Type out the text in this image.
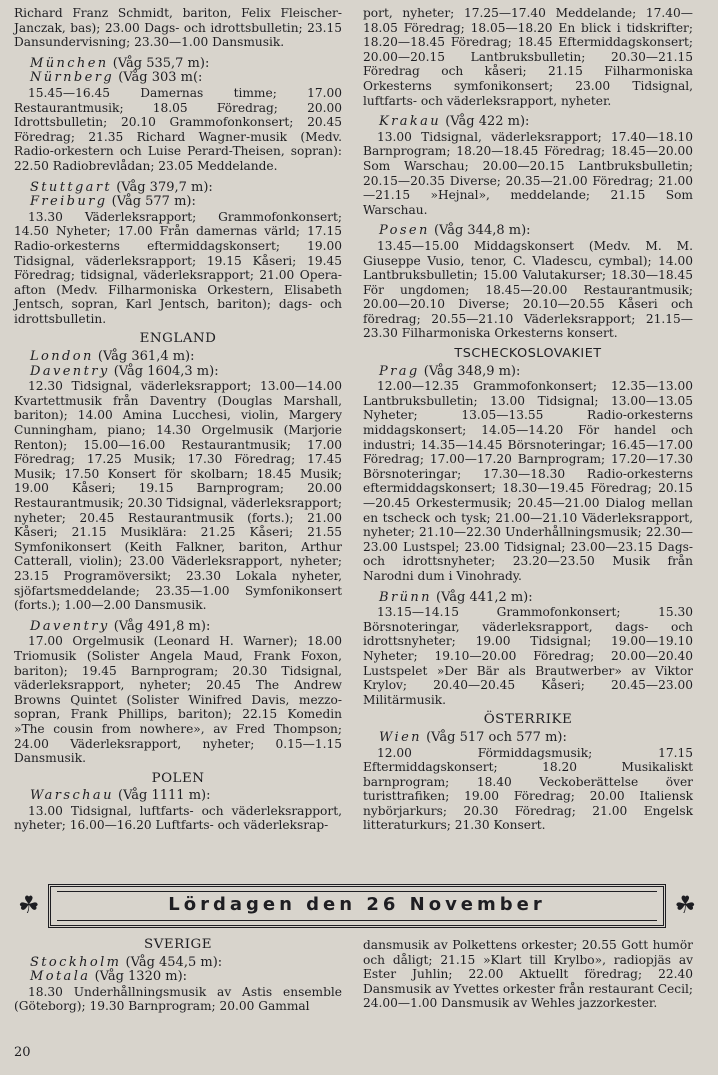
Richard Franz Schmidt, bariton, Felix Fleischer-Janczak, bas); 23.00 Dags- och idrottsbulletin; 23.15 Dansundervisning; 23.30—1.00 Dansmusik.

München (Våg 535,7 m):
Nürnberg (Våg 303 m(:

15.45—16.45 Damernas timme; 17.00 Restaurantmusik; 18.05 Föredrag; 20.00 Idrottsbulletin; 20.10 Grammofonkonsert; 20.45 Föredrag; 21.35 Richard Wagner-musik (Medv. Radio-orkestern och Luise Perard-Theisen, sopran): 22.50 Radiobrevlådan; 23.05 Meddelande.

Stuttgart (Våg 379,7 m):
Freiburg (Våg 577 m):

13.30 Väderleksrapport; Grammofonkonsert; 14.50 Nyheter; 17.00 Från damernas värld; 17.15 Radio-orkesterns eftermiddagskonsert; 19.00 Tidsignal, väderleksrapport; 19.15 Kåseri; 19.45 Föredrag; tidsignal, väderleksrapport; 21.00 Opera-afton (Medv. Filharmoniska Orkestern, Elisabeth Jentsch, sopran, Karl Jentsch, bariton); dags- och idrottsbulletin.

ENGLAND
London (Våg 361,4 m):
Daventry (Våg 1604,3 m):

12.30 Tidsignal, väderleksrapport; 13.00—14.00 Kvartettmusik från Daventry (Douglas Marshall, bariton); 14.00 Amina Lucchesi, violin, Margery Cunningham, piano; 14.30 Orgelmusik (Marjorie Renton); 15.00—16.00 Restaurantmusik; 17.00 Föredrag; 17.25 Musik; 17.30 Föredrag; 17.45 Musik; 17.50 Konsert för skolbarn; 18.45 Musik; 19.00 Kåseri; 19.15 Barnprogram; 20.00 Restaurantmusik; 20.30 Tidsignal, väderleksrapport; nyheter; 20.45 Restaurantmusik (forts.); 21.00 Kåseri; 21.15 Musiklära: 21.25 Kåseri; 21.55 Symfonikonsert (Keith Falkner, bariton, Arthur Catterall, violin); 23.00 Väderleksrapport, nyheter; 23.15 Programöversikt; 23.30 Lokala nyheter, sjöfartsmeddelande; 23.35—1.00 Symfonikonsert (forts.); 1.00—2.00 Dansmusik.

Daventry (Våg 491,8 m):

17.00 Orgelmusik (Leonard H. Warner); 18.00 Triomusik (Solister Angela Maud, Frank Foxon, bariton); 19.45 Barnprogram; 20.30 Tidsignal, väderleksrapport, nyheter; 20.45 The Andrew Browns Quintet (Solister Winifred Davis, mezzo-sopran, Frank Phillips, bariton); 22.15 Komedin »The cousin from nowhere», av Fred Thompson; 24.00 Väderleksrapport, nyheter; 0.15—1.15 Dansmusik.

POLEN
Warschau (Våg 1111 m):

13.00 Tidsignal, luftfarts- och väderleksrapport, nyheter; 16.00—16.20 Luftfarts- och väderleksrap-

port, nyheter; 17.25—17.40 Meddelande; 17.40—18.05 Föredrag; 18.05—18.20 En blick i tidskrifter; 18.20—18.45 Föredrag; 18.45 Eftermiddagskonsert; 20.00—20.15 Lantbruksbulletin; 20.30—21.15 Föredrag och kåseri; 21.15 Filharmoniska Orkesterns symfonikonsert; 23.00 Tidsignal, luftfarts- och väderleksrapport, nyheter.

Krakau (Våg 422 m):

13.00 Tidsignal, väderleksrapport; 17.40—18.10 Barnprogram; 18.20—18.45 Föredrag; 18.45—20.00 Som Warschau; 20.00—20.15 Lantbruksbulletin; 20.15—20.35 Diverse; 20.35—21.00 Föredrag; 21.00—21.15 »Hejnal», meddelande; 21.15 Som Warschau.

Posen (Våg 344,8 m):

13.45—15.00 Middagskonsert (Medv. M. M. Giuseppe Vusio, tenor, C. Vladescu, cymbal); 14.00 Lantbruksbulletin; 15.00 Valutakurser; 18.30—18.45 För ungdomen; 18.45—20.00 Restaurantmusik; 20.00—20.10 Diverse; 20.10—20.55 Kåseri och föredrag; 20.55—21.10 Väderleksrapport; 21.15—23.30 Filharmoniska Orkesterns konsert.

TSCHECKOSLOVAKIET
Prag (Våg 348,9 m):

12.00—12.35 Grammofonkonsert; 12.35—13.00 Lantbruksbulletin; 13.00 Tidsignal; 13.00—13.05 Nyheter; 13.05—13.55 Radio-orkesterns middagskonsert; 14.05—14.20 För handel och industri; 14.35—14.45 Börsnoteringar; 16.45—17.00 Föredrag; 17.00—17.20 Barnprogram; 17.20—17.30 Börsnoteringar; 17.30—18.30 Radio-orkesterns eftermiddagskonsert; 18.30—19.45 Föredrag; 20.15—20.45 Orkestermusik; 20.45—21.00 Dialog mellan en tscheck och tysk; 21.00—21.10 Väderleksrapport, nyheter; 21.10—22.30 Underhållningsmusik; 22.30—23.00 Lustspel; 23.00 Tidsignal; 23.00—23.15 Dags- och idrottsnyheter; 23.20—23.50 Musik från Narodni dum i Vinohrady.

Brünn (Våg 441,2 m):

13.15—14.15 Grammofonkonsert; 15.30 Börsnoteringar, väderleksrapport, dags- och idrottsnyheter; 19.00 Tidsignal; 19.00—19.10 Nyheter; 19.10—20.00 Föredrag; 20.00—20.40 Lustspelet »Der Bär als Brautwerber» av Viktor Krylov; 20.40—20.45 Kåseri; 20.45—23.00 Militärmusik.

ÖSTERRIKE
Wien (Våg 517 och 577 m):

12.00 Förmiddagsmusik; 17.15 Eftermiddagskonsert; 18.20 Musikaliskt barnprogram; 18.40 Veckoberättelse över turisttrafiken; 19.00 Föredrag; 20.00 Italiensk nybörjarkurs; 20.30 Föredrag; 21.00 Engelsk litteraturkurs; 21.30 Konsert.

☘	Lördagen den 26 November	☘
SVERIGE
Stockholm (Våg 454,5 m):
Motala (Våg 1320 m):

18.30 Underhållningsmusik av Astis ensemble (Göteborg); 19.30 Barnprogram; 20.00 Gammal

dansmusik av Polkettens orkester; 20.55 Gott humör och dåligt; 21.15 »Klart till Krylbo», radiopjäs av Ester Juhlin; 22.00 Aktuellt föredrag; 22.40 Dansmusik av Yvettes orkester från restaurant Cecil; 24.00—1.00 Dansmusik av Wehles jazzorkester.

20
